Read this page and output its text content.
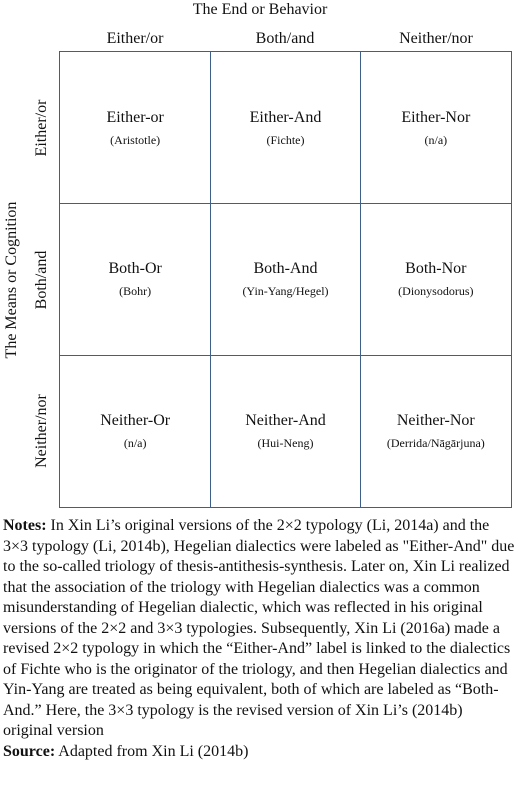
The End or Behavior
Either/or	Both/and	Neither/nor
The Means or Cognition
Either/or
Both/and
Neither/nor
Either-or
(Aristotle)
Either-And
(Fichte)
Either-Nor
(n/a)
Both-Or
(Bohr)
Both-And
(Yin-Yang/Hegel)
Both-Nor
(Dionysodorus)
Neither-Or
(n/a)
Neither-And
(Hui-Neng)
Neither-Nor
(Derrida/Nāgārjuna)
Notes: In Xin Li’s original versions of the 2×2 typology (Li, 2014a) and the 3×3 typology (Li, 2014b), Hegelian dialectics were labeled as "Either-And" due to the so-called triology of thesis-antithesis-synthesis. Later on, Xin Li realized that the association of the triology with Hegelian dialectics was a common misunderstanding of Hegelian dialectic, which was reflected in his original versions of the 2×2 and 3×3 typologies. Subsequently, Xin Li (2016a) made a revised 2×2 typology in which the “Either-And” label is linked to the dialectics of Fichte who is the originator of the triology, and then Hegelian dialectics and Yin-Yang are treated as being equivalent, both of which are labeled as “Both-And.” Here, the 3×3 typology is the revised version of Xin Li’s (2014b) original version
Source: Adapted from Xin Li (2014b)
